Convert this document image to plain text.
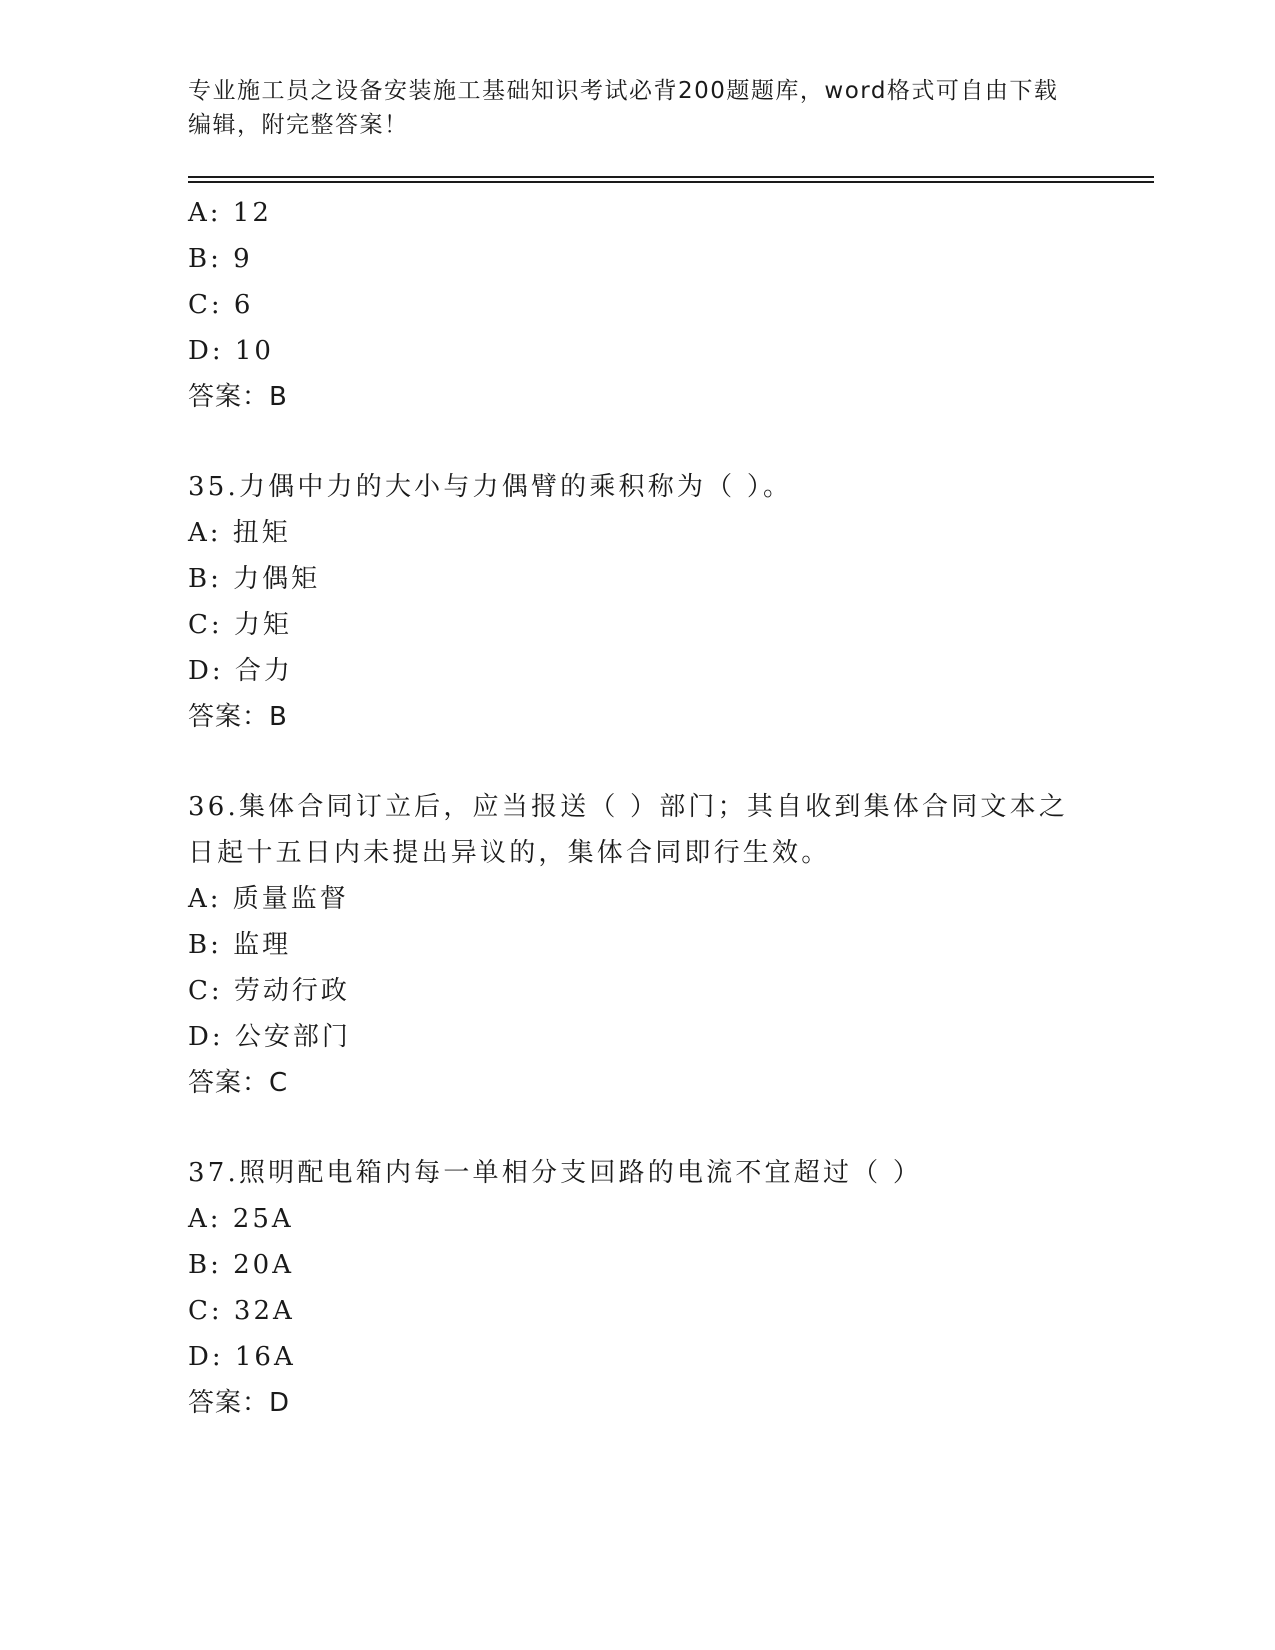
专业施工员之设备安装施工基础知识考试必背200题题库，word格式可自由下载编辑，附完整答案！
A: 12
B: 9
C: 6
D: 10
答案：B
35.力偶中力的大小与力偶臂的乘积称为（ ）。
A: 扭矩
B: 力偶矩
C: 力矩
D: 合力
答案：B
36.集体合同订立后，应当报送（ ）部门；其自收到集体合同文本之日起十五日内未提出异议的，集体合同即行生效。
A: 质量监督
B: 监理
C: 劳动行政
D: 公安部门
答案：C
37.照明配电箱内每一单相分支回路的电流不宜超过（ ）
A: 25A
B: 20A
C: 32A
D: 16A
答案：D
